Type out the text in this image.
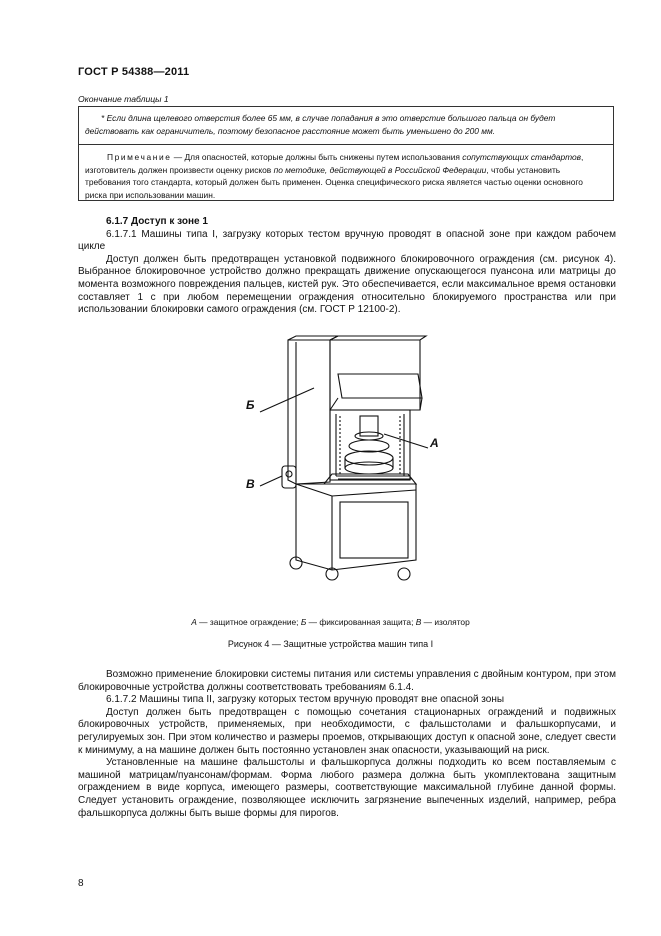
ГОСТ Р 54388—2011
Окончание таблицы 1
* Если длина щелевого отверстия более 65 мм, в случае попадания в это отверстие большого пальца он будет действовать как ограничитель, поэтому безопасное расстояние может быть уменьшено до 200 мм.
Примечание — Для опасностей, которые должны быть снижены путем использования сопутствующих стандартов, изготовитель должен произвести оценку рисков по методике, действующей в Российской Федерации, чтобы установить требования того стандарта, который должен быть применен. Оценка специфического риска является частью оценки основного риска при использовании машин.

6.1.7 Доступ к зоне 1

6.1.7.1 Машины типа I, загрузку которых тестом вручную проводят в опасной зоне при каждом рабочем цикле

Доступ должен быть предотвращен установкой подвижного блокировочного ограждения (см. рисунок 4). Выбранное блокировочное устройство должно прекращать движение опускающегося пуансона или матрицы до момента возможного повреждения пальцев, кистей рук. Это обеспечивается, если максимальное время остановки составляет 1 с при любом перемещении ограждения относительно блокируемого пространства или при использовании блокировки самого ограждения (см. ГОСТ Р 12100-2).

Б
А
В
А — защитное ограждение; Б — фиксированная защита; В — изолятор
Рисунок 4 — Защитные устройства машин типа I

Возможно применение блокировки системы питания или системы управления с двойным контуром, при этом блокировочные устройства должны соответствовать требованиям 6.1.4.

6.1.7.2 Машины типа II, загрузку которых тестом вручную проводят вне опасной зоны

Доступ должен быть предотвращен с помощью сочетания стационарных ограждений и подвижных блокировочных устройств, применяемых, при необходимости, с фальшстолами и фальшкорпусами, и регулируемых зон. При этом количество и размеры проемов, открывающих доступ к опасной зоне, следует свести к минимуму, а на машине должен быть постоянно установлен знак опасности, указывающий на риск.

Установленные на машине фальшстолы и фальшкорпуса должны подходить ко всем поставляемым с машиной матрицам/пуансонам/формам. Форма любого размера должна быть укомплектована защитным ограждением в виде корпуса, имеющего размеры, соответствующие максимальной глубине данной формы. Следует установить ограждение, позволяющее исключить загрязнение выпеченных изделий, например, ребра фальшкорпуса должны быть выше формы для пирогов.

8
